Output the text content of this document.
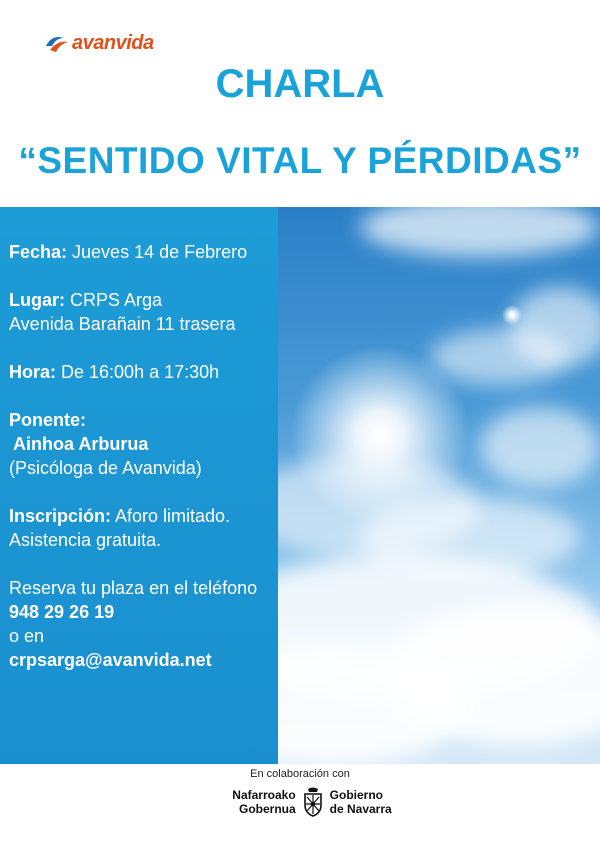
avanvida
CHARLA
“SENTIDO VITAL Y PÉRDIDAS”

Fecha: Jueves 14 de Febrero

Lugar: CRPS Arga
Avenida Barañain 11 trasera

Hora: De 16:00h a 17:30h

Ponente:
Ainhoa Arburua
(Psicóloga de Avanvida)

Inscripción: Aforo limitado.
Asistencia gratuita.

Reserva tu plaza en el teléfono 948 29 26 19
o en
crpsarga@avanvida.net

En colaboración con
Nafarroako
Gobernua
Gobierno
de Navarra
